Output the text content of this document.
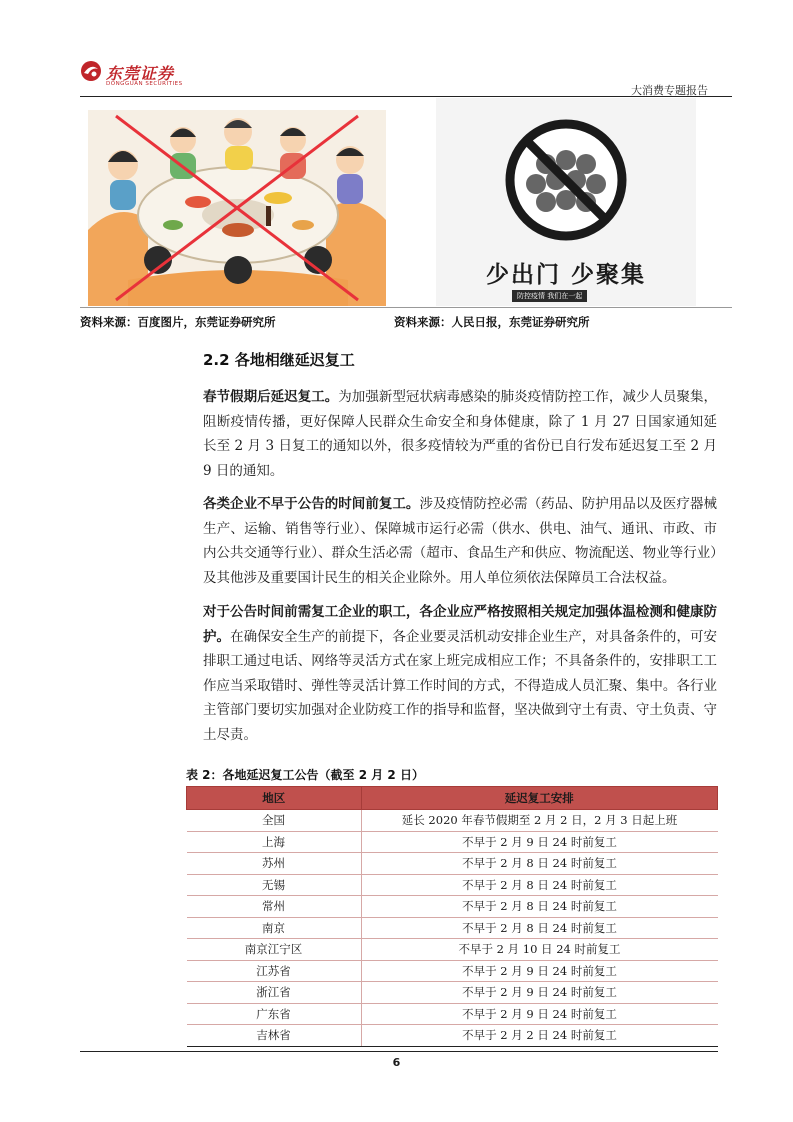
东莞证券
DONGGUAN SECURITIES	大消费专题报告
少出门 少聚集
防控疫情 我们在一起
资料来源：百度图片，东莞证券研究所	资料来源：人民日报，东莞证券研究所
2.2 各地相继延迟复工

春节假期后延迟复工。为加强新型冠状病毒感染的肺炎疫情防控工作，减少人员聚集，阻断疫情传播，更好保障人民群众生命安全和身体健康，除了 1 月 27 日国家通知延长至 2 月 3 日复工的通知以外，很多疫情较为严重的省份已自行发布延迟复工至 2 月 9 日的通知。

各类企业不早于公告的时间前复工。涉及疫情防控必需（药品、防护用品以及医疗器械生产、运输、销售等行业）、保障城市运行必需（供水、供电、油气、通讯、市政、市内公共交通等行业）、群众生活必需（超市、食品生产和供应、物流配送、物业等行业）及其他涉及重要国计民生的相关企业除外。用人单位须依法保障员工合法权益。

对于公告时间前需复工企业的职工，各企业应严格按照相关规定加强体温检测和健康防护。在确保安全生产的前提下，各企业要灵活机动安排企业生产，对具备条件的，可安排职工通过电话、网络等灵活方式在家上班完成相应工作；不具备条件的，安排职工工作应当采取错时、弹性等灵活计算工作时间的方式，不得造成人员汇聚、集中。各行业主管部门要切实加强对企业防疫工作的指导和监督，坚决做到守土有责、守土负责、守土尽责。

表 2：各地延迟复工公告（截至 2 月 2 日）
地区	延迟复工安排
全国	延长 2020 年春节假期至 2 月 2 日，2 月 3 日起上班
上海	不早于 2 月 9 日 24 时前复工
苏州	不早于 2 月 8 日 24 时前复工
无锡	不早于 2 月 8 日 24 时前复工
常州	不早于 2 月 8 日 24 时前复工
南京	不早于 2 月 8 日 24 时前复工
南京江宁区	不早于 2 月 10 日 24 时前复工
江苏省	不早于 2 月 9 日 24 时前复工
浙江省	不早于 2 月 9 日 24 时前复工
广东省	不早于 2 月 9 日 24 时前复工
吉林省	不早于 2 月 2 日 24 时前复工
6
